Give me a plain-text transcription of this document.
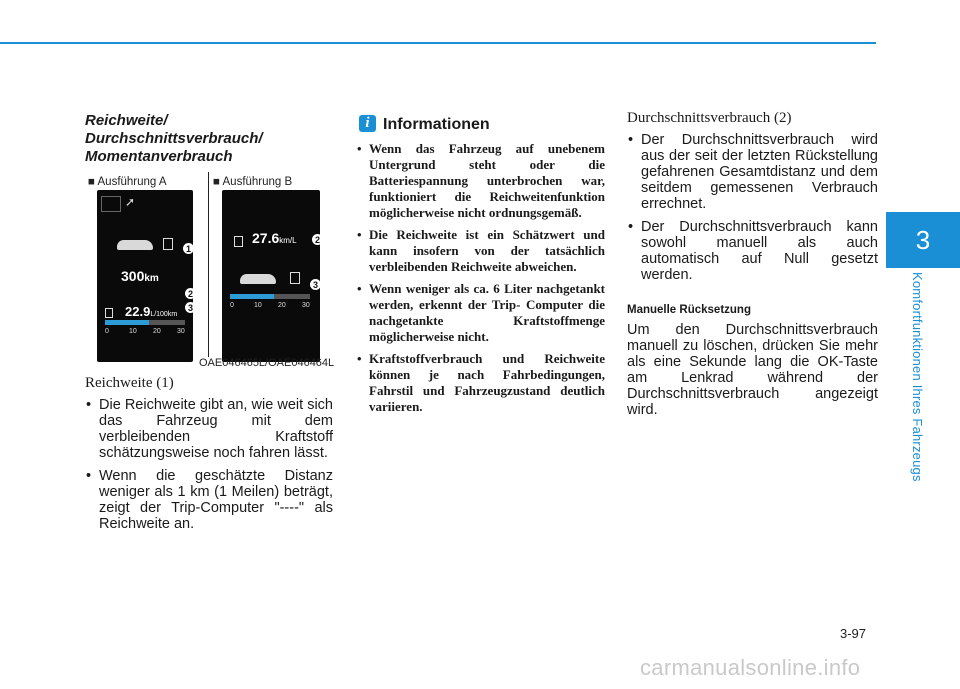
3
Komfortfunktionen Ihres Fahrzeugs
Reichweite/
Durchschnittsverbrauch/
Momentanverbrauch
■ Ausführung A	■ Ausführung B
➚
300km
22.9L/100km
0	10 20 30
1
2
3
27.6km/L
0	10 20 30
2
3
OAE046465L/OAE046464L
Reichweite (1)
• Die Reichweite gibt an, wie weit sich das Fahrzeug mit dem verbleibenden Kraftstoff schätzungsweise noch fahren lässt.
• Wenn die geschätzte Distanz weniger als 1 km (1 Meilen) beträgt, zeigt der Trip-Computer "----" als Reichweite an.
i Informationen
• Wenn das Fahrzeug auf unebenem Untergrund steht oder die Batteriespannung unterbrochen war, funktioniert die Reichweitenfunktion möglicherweise nicht ordnungsgemäß.
• Die Reichweite ist ein Schätzwert und kann insofern von der tatsächlich verbleibenden Reichweite abweichen.
• Wenn weniger als ca. 6 Liter nachgetankt werden, erkennt der Trip- Computer die nachgetankte Kraftstoffmenge möglicherweise nicht.
• Kraftstoffverbrauch und Reichweite können je nach Fahrbedingungen, Fahrstil und Fahrzeugzustand deutlich variieren.
Durchschnittsverbrauch (2)
• Der Durchschnittsverbrauch wird aus der seit der letzten Rückstellung gefahrenen Gesamtdistanz und dem seitdem gemessenen Verbrauch errechnet.
• Der Durchschnittsverbrauch kann sowohl manuell als auch automatisch auf Null gesetzt werden.
Manuelle Rücksetzung
Um den Durchschnittsverbrauch manuell zu löschen, drücken Sie mehr als eine Sekunde lang die OK-Taste am Lenkrad während der Durchschnittsverbrauch angezeigt wird.
3-97
carmanualsonline.info
